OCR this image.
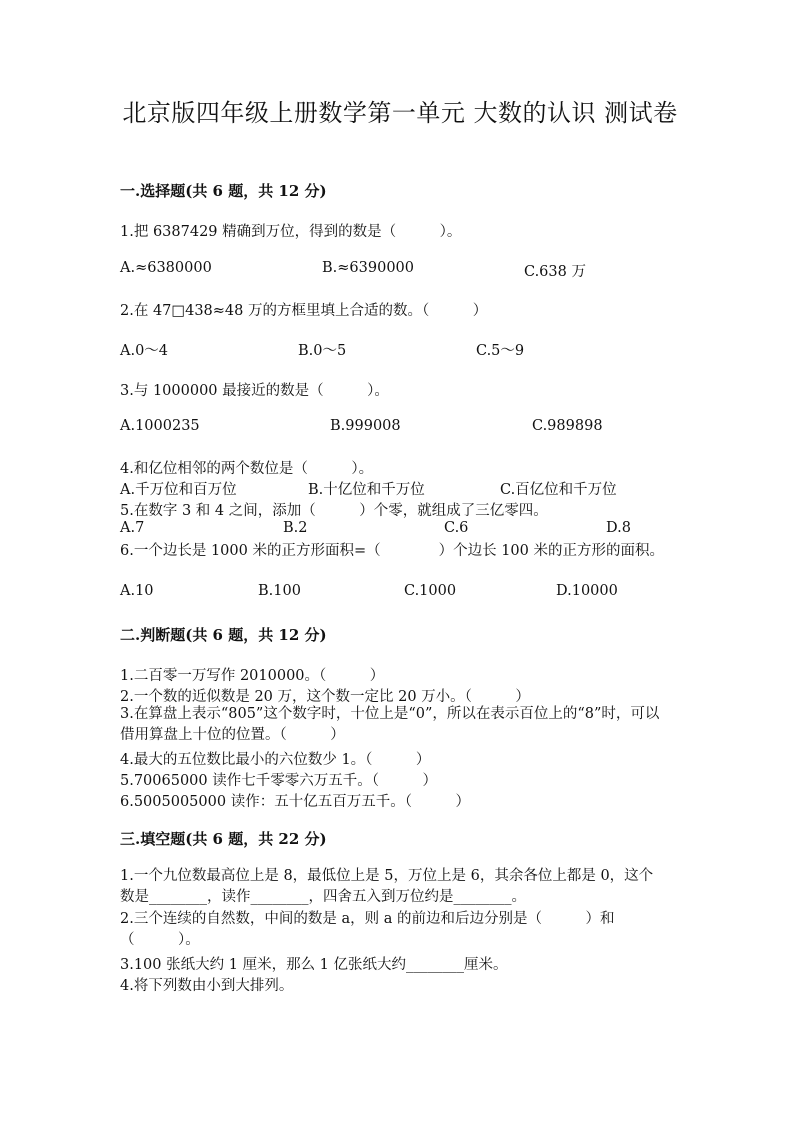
北京版四年级上册数学第一单元 大数的认识 测试卷
一.选择题(共 6 题，共 12 分)
1.把 6387429 精确到万位，得到的数是（　　　）。
A.≈6380000	B.≈6390000	C.638 万
2.在 47□438≈48 万的方框里填上合适的数。（　　　）
A.0～4	B.0～5	C.5～9
3.与 1000000 最接近的数是（　　　）。
A.1000235	B.999008	C.989898
4.和亿位相邻的两个数位是（　　　）。
A.千万位和百万位	B.十亿位和千万位	C.百亿位和千万位
5.在数字 3 和 4 之间，添加（　　　）个零，就组成了三亿零四。
A.7	B.2	C.6	D.8
6.一个边长是 1000 米的正方形面积=（　　　　）个边长 100 米的正方形的面积。
A.10	B.100	C.1000	D.10000
二.判断题(共 6 题，共 12 分)
1.二百零一万写作 2010000。（　　　）
2.一个数的近似数是 20 万，这个数一定比 20 万小。（　　　）
3.在算盘上表示“805”这个数字时，十位上是“0”，所以在表示百位上的“8”时，可以借用算盘上十位的位置。（　　　）
4.最大的五位数比最小的六位数少 1。（　　　）
5.70065000 读作七千零零六万五千。（　　　）
6.5005005000 读作：五十亿五百万五千。（　　　）
三.填空题(共 6 题，共 22 分)
1.一个九位数最高位上是 8，最低位上是 5，万位上是 6，其余各位上都是 0，这个数是________，读作________，四舍五入到万位约是________。
2.三个连续的自然数，中间的数是 a，则 a 的前边和后边分别是（　　　）和（　　　）。
3.100 张纸大约 1 厘米，那么 1 亿张纸大约________厘米。
4.将下列数由小到大排列。
